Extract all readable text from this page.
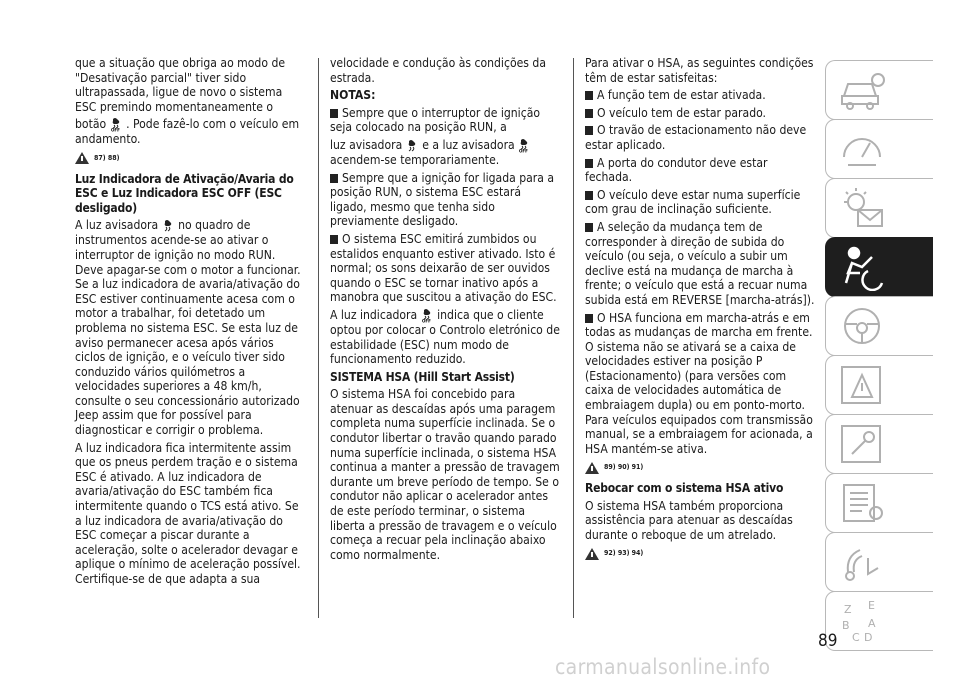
que a situação que obriga ao modo de "Desativação parcial" tiver sido ultrapassada, ligue de novo o sistema ESC premindo momentaneamente o

botão OFF . Pode fazê-lo com o veículo em andamento.

87) 88)

Luz Indicadora de Ativação/Avaria do ESC e Luz Indicadora ESC OFF (ESC desligado)

A luz avisadora no quadro de instrumentos acende-se ao ativar o interruptor de ignição no modo RUN. Deve apagar-se com o motor a funcionar. Se a luz indicadora de avaria/ativação do ESC estiver continuamente acesa com o motor a trabalhar, foi detetado um problema no sistema ESC. Se esta luz de aviso permanecer acesa após vários ciclos de ignição, e o veículo tiver sido conduzido vários quilómetros a velocidades superiores a 48 km/h, consulte o seu concessionário autorizado Jeep assim que for possível para diagnosticar e corrigir o problema.

A luz indicadora fica intermitente assim que os pneus perdem tração e o sistema ESC é ativado. A luz indicadora de avaria/ativação do ESC também fica intermitente quando o TCS está ativo. Se a luz indicadora de avaria/ativação do ESC começar a piscar durante a aceleração, solte o acelerador devagar e aplique o mínimo de aceleração possível. Certifique-se de que adapta a sua

velocidade e condução às condições da estrada.

NOTAS:

Sempre que o interruptor de ignição seja colocado na posição RUN, a

luz avisadora e a luz avisadora OFF
acendem-se temporariamente.

Sempre que a ignição for ligada para a posição RUN, o sistema ESC estará ligado, mesmo que tenha sido previamente desligado.

O sistema ESC emitirá zumbidos ou estalidos enquanto estiver ativado. Isto é normal; os sons deixarão de ser ouvidos quando o ESC se tornar inativo após a manobra que suscitou a ativação do ESC.

A luz indicadora OFF indica que o cliente optou por colocar o Controlo eletrónico de estabilidade (ESC) num modo de funcionamento reduzido.

SISTEMA HSA (Hill Start Assist)

O sistema HSA foi concebido para atenuar as descaídas após uma paragem completa numa superfície inclinada. Se o condutor libertar o travão quando parado numa superfície inclinada, o sistema HSA continua a manter a pressão de travagem durante um breve período de tempo. Se o condutor não aplicar o acelerador antes de este período terminar, o sistema liberta a pressão de travagem e o veículo começa a recuar pela inclinação abaixo como normalmente.

Para ativar o HSA, as seguintes condições têm de estar satisfeitas:

A função tem de estar ativada.

O veículo tem de estar parado.

O travão de estacionamento não deve estar aplicado.

A porta do condutor deve estar fechada.

O veículo deve estar numa superfície com grau de inclinação suficiente.

A seleção da mudança tem de corresponder à direção de subida do veículo (ou seja, o veículo a subir um declive está na mudança de marcha à frente; o veículo que está a recuar numa subida está em REVERSE [marcha-atrás]).

O HSA funciona em marcha-atrás e em todas as mudanças de marcha em frente. O sistema não se ativará se a caixa de velocidades estiver na posição P (Estacionamento) (para versões com caixa de velocidades automática de embraiagem dupla) ou em ponto-morto. Para veículos equipados com transmissão manual, se a embraiagem for acionada, a HSA mantém-se ativa.

89) 90) 91)

Rebocar com o sistema HSA ativo

O sistema HSA também proporciona assistência para atenuar as descaídas durante o reboque de um atrelado.

92) 93) 94)
Z E
B A
C D
89
carmanualsonline.info
